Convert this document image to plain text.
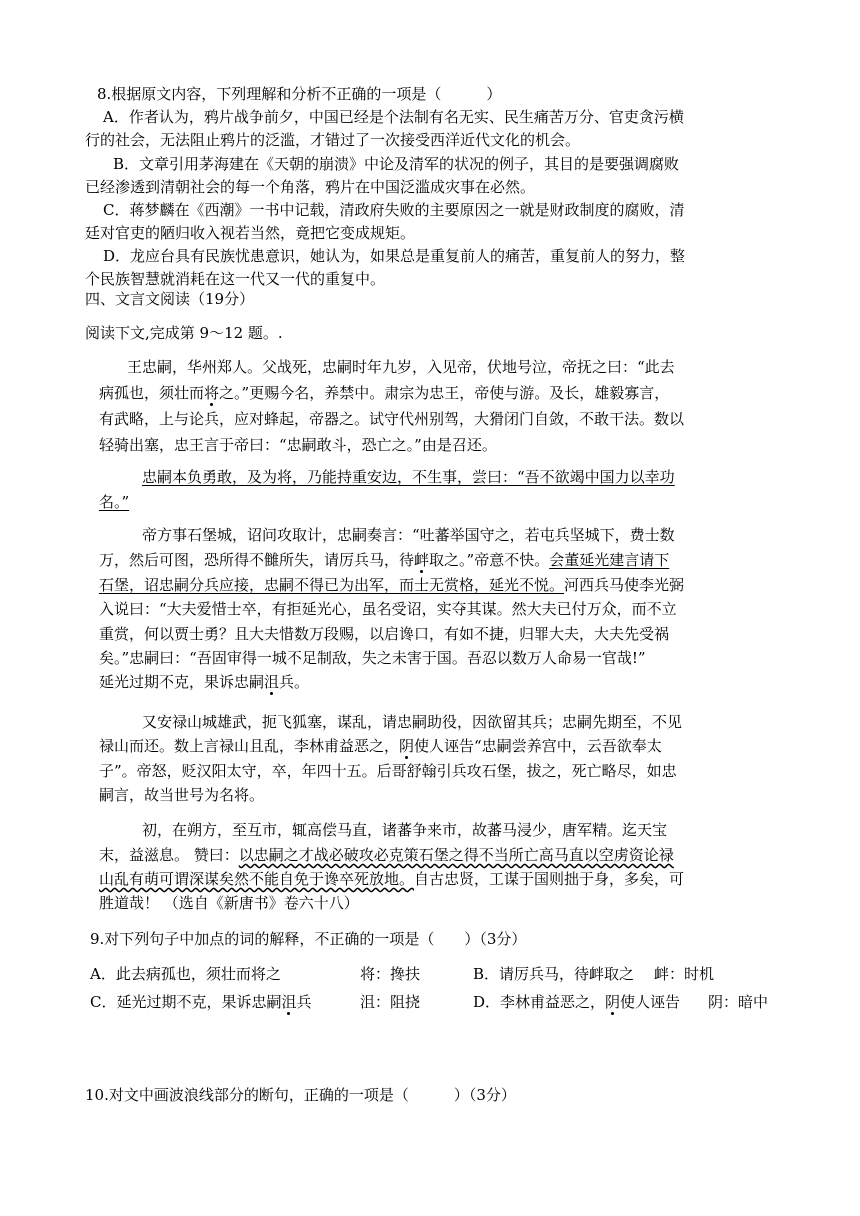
8.根据原文内容，下列理解和分析不正确的一项是（　　　）
A．作者认为，鸦片战争前夕，中国已经是个法制有名无实、民生痛苦万分、官吏贪污横
行的社会，无法阻止鸦片的泛滥，才错过了一次接受西洋近代文化的机会。
B．文章引用茅海建在《天朝的崩溃》中论及清军的状况的例子，其目的是要强调腐败
已经渗透到清朝社会的每一个角落，鸦片在中国泛滥成灾事在必然。
C．蒋梦麟在《西潮》一书中记载，清政府失败的主要原因之一就是财政制度的腐败，清
廷对官吏的陋归收入视若当然，竟把它变成规矩。
D．龙应台具有民族忧患意识，她认为，如果总是重复前人的痛苦，重复前人的努力，整
个民族智慧就消耗在这一代又一代的重复中。
四、文言文阅读（19分）
阅读下文,完成第 9～12 题。.
王忠嗣，华州郑人。父战死，忠嗣时年九岁，入见帝，伏地号泣，帝抚之曰：“此去
病孤也，须壮而将之。”更赐今名，养禁中。肃宗为忠王，帝使与游。及长，雄毅寡言，
有武略，上与论兵，应对蜂起，帝器之。试守代州别驾，大猾闭门自敛，不敢干法。数以
轻骑出塞，忠王言于帝曰：“忠嗣敢斗，恐亡之。”由是召还。
忠嗣本负勇敢，及为将，乃能持重安边，不生事，尝曰：“吾不欲竭中国力以幸功
名。”
帝方事石堡城，诏问攻取计，忠嗣奏言：“吐蕃举国守之，若屯兵坚城下，费士数
万，然后可图，恐所得不雠所失，请厉兵马，待衅取之。”帝意不快。会董延光建言请下
石堡，诏忠嗣分兵应接，忠嗣不得已为出军，而士无赏格，延光不悦。河西兵马使李光弼
入说曰：“大夫爱惜士卒，有拒延光心，虽名受诏，实夺其谋。然大夫已付万众，而不立
重赏，何以贾士勇？且大夫惜数万段赐，以启谗口，有如不捷，归罪大夫，大夫先受祸
矣。”忠嗣曰：“吾固审得一城不足制敌，失之未害于国。吾忍以数万人命易一官哉!”
延光过期不克，果诉忠嗣沮兵。
又安禄山城雄武，扼飞狐塞，谋乱，请忠嗣助役，因欲留其兵；忠嗣先期至，不见
禄山而还。数上言禄山且乱，李林甫益恶之，阴使人诬告“忠嗣尝养宫中，云吾欲奉太
子”。帝怒，贬汉阳太守，卒，年四十五。后哥舒翰引兵攻石堡，拔之，死亡略尽，如忠
嗣言，故当世号为名将。
初，在朔方，至互市，辄高偿马直，诸蕃争来市，故蕃马浸少，唐军精。迄天宝
末，益滋息。 赞曰：以忠嗣之才战必破攻必克策石堡之得不当所亡高马直以空虏资论禄
山乱有萌可谓深谋矣然不能自免于谗卒死放地。自古忠贤，工谋于国则拙于身，多矣，可
胜道哉！ （选自《新唐书》卷六十八）
9.对下列句子中加点的词的解释，不正确的一项是（　　）（3分）
A．此去病孤也，须壮而将之	将：搀扶	B．请厉兵马，待衅取之 衅：时机
C．延光过期不克，果诉忠嗣沮兵	沮：阻挠	D．李林甫益恶之，阴使人诬告 阴：暗中
10.对文中画波浪线部分的断句，正确的一项是（　　　）（3分）
